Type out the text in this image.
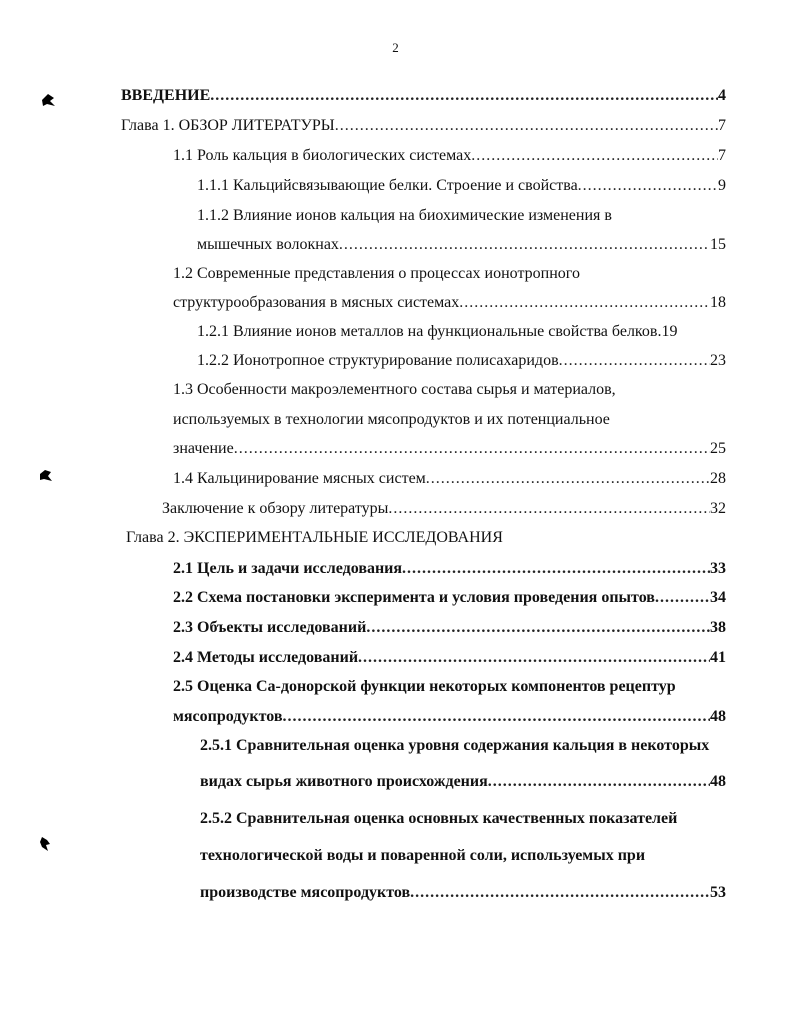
2
ВВЕДЕНИЕ .....	4
Глава 1. ОБЗОР ЛИТЕРАТУРЫ .....	7
1.1 Роль кальция в биологических системах .....	7
1.1.1 Кальцийсвязывающие белки. Строение и свойства .....	9
1.1.2 Влияние ионов кальция на биохимические изменения в
мышечных волокнах .....	15
1.2 Современные представления о процессах ионотропного
структурообразования в мясных системах .....	18
1.2.1 Влияние ионов металлов на функциональные свойства белков. 19
1.2.2 Ионотропное структурирование полисахаридов .....	23
1.3 Особенности макроэлементного состава сырья и материалов,
используемых в технологии мясопродуктов и их потенциальное
значение .....	25
1.4 Кальцинирование мясных систем .....	28
Заключение к обзору литературы .....	32
Глава 2. ЭКСПЕРИМЕНТАЛЬНЫЕ ИССЛЕДОВАНИЯ
2.1 Цель и задачи исследования .....	33
2.2 Схема постановки эксперимента и условия проведения опытов .....	34
2.3 Объекты исследований .....	38
2.4 Методы исследований .....	41
2.5 Оценка Са-донорской функции некоторых компонентов рецептур
мясопродуктов .....	48
2.5.1 Сравнительная оценка уровня содержания кальция в некоторых
видах сырья животного происхождения .....	48
2.5.2 Сравнительная оценка основных качественных показателей
технологической воды и поваренной соли, используемых при
производстве мясопродуктов .....	53
